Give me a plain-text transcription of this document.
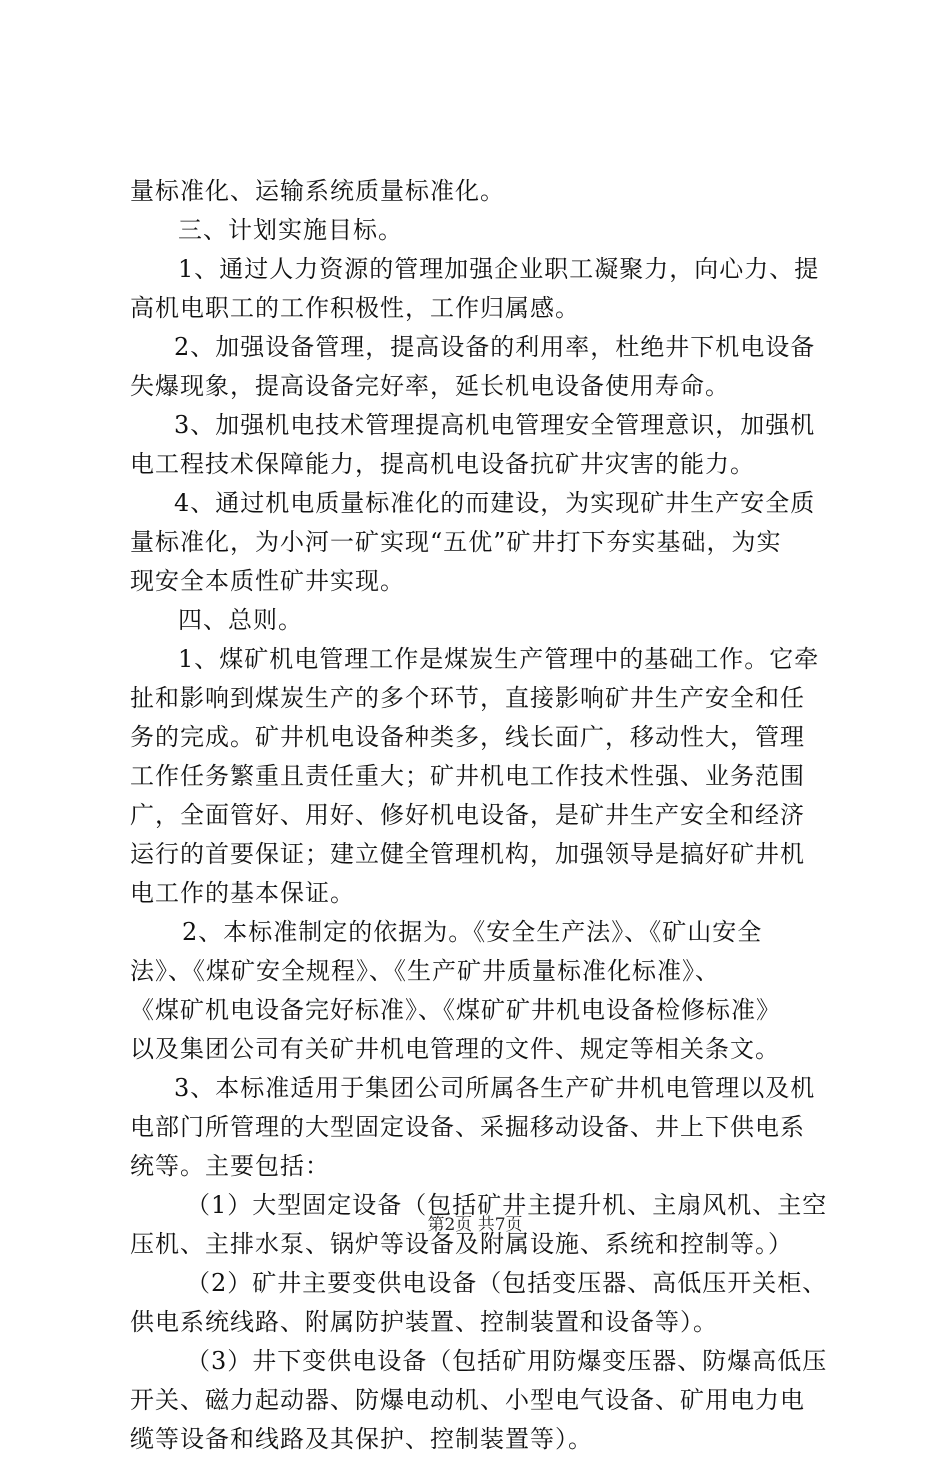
量标准化、运输系统质量标准化。
三、计划实施目标。
1、通过人力资源的管理加强企业职工凝聚力，向心力、提
高机电职工的工作积极性，工作归属感。
2、加强设备管理，提高设备的利用率，杜绝井下机电设备
失爆现象，提高设备完好率，延长机电设备使用寿命。
3、加强机电技术管理提高机电管理安全管理意识，加强机
电工程技术保障能力，提高机电设备抗矿井灾害的能力。
4、通过机电质量标准化的而建设，为实现矿井生产安全质
量标准化，为小河一矿实现“五优”矿井打下夯实基础，为实
现安全本质性矿井实现。
四、总则。
1、煤矿机电管理工作是煤炭生产管理中的基础工作。它牵
扯和影响到煤炭生产的多个环节，直接影响矿井生产安全和任
务的完成。矿井机电设备种类多，线长面广，移动性大，管理
工作任务繁重且责任重大；矿井机电工作技术性强、业务范围
广，全面管好、用好、修好机电设备，是矿井生产安全和经济
运行的首要保证；建立健全管理机构，加强领导是搞好矿井机
电工作的基本保证。
2、本标准制定的依据为。《安全生产法》、《矿山安全
法》、《煤矿安全规程》、《生产矿井质量标准化标准》、
《煤矿机电设备完好标准》、《煤矿矿井机电设备检修标准》
以及集团公司有关矿井机电管理的文件、规定等相关条文。
3、本标准适用于集团公司所属各生产矿井机电管理以及机
电部门所管理的大型固定设备、采掘移动设备、井上下供电系
统等。主要包括：
（1）大型固定设备（包括矿井主提升机、主扇风机、主空
压机、主排水泵、锅炉等设备及附属设施、系统和控制等。）
（2）矿井主要变供电设备（包括变压器、高低压开关柜、
供电系统线路、附属防护装置、控制装置和设备等）。
（3）井下变供电设备（包括矿用防爆变压器、防爆高低压
开关、磁力起动器、防爆电动机、小型电气设备、矿用电力电
缆等设备和线路及其保护、控制装置等）。
第2页 共7页
